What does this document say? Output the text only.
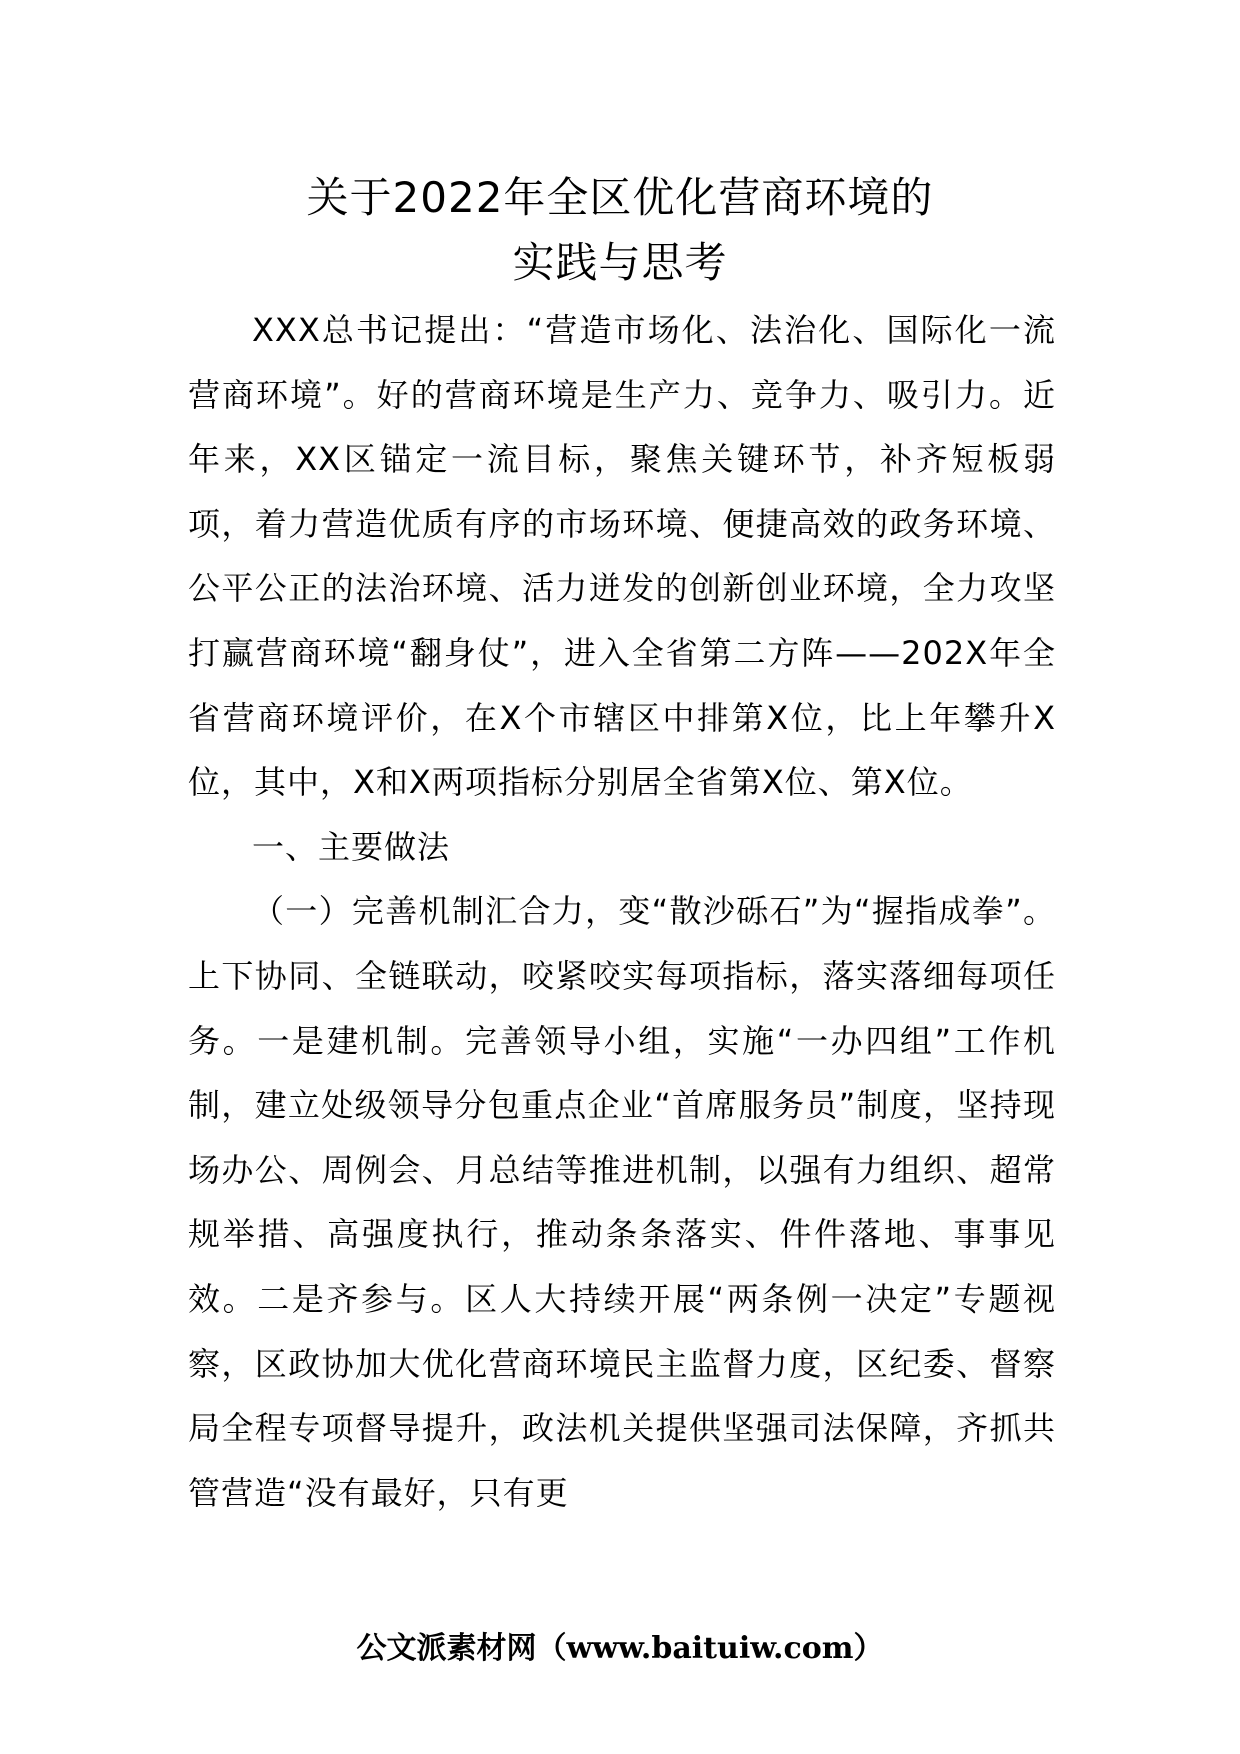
关于2022年全区优化营商环境的
实践与思考

XXX总书记提出：“营造市场化、法治化、国际化一流营商环境”。好的营商环境是生产力、竞争力、吸引力。近年来，XX区锚定一流目标，聚焦关键环节，补齐短板弱项，着力营造优质有序的市场环境、便捷高效的政务环境、公平公正的法治环境、活力迸发的创新创业环境，全力攻坚打赢营商环境“翻身仗”，进入全省第二方阵——202X年全省营商环境评价，在X个市辖区中排第X位，比上年攀升X位，其中，X和X两项指标分别居全省第X位、第X位。

一、主要做法

（一）完善机制汇合力，变“散沙砾石”为“握指成拳”。上下协同、全链联动，咬紧咬实每项指标，落实落细每项任务。一是建机制。完善领导小组，实施“一办四组”工作机制，建立处级领导分包重点企业“首席服务员”制度，坚持现场办公、周例会、月总结等推进机制，以强有力组织、超常规举措、高强度执行，推动条条落实、件件落地、事事见效。二是齐参与。区人大持续开展“两条例一决定”专题视察，区政协加大优化营商环境民主监督力度，区纪委、督察局全程专项督导提升，政法机关提供坚强司法保障，齐抓共管营造“没有最好，只有更

公文派素材网（www.baituiw.com）
